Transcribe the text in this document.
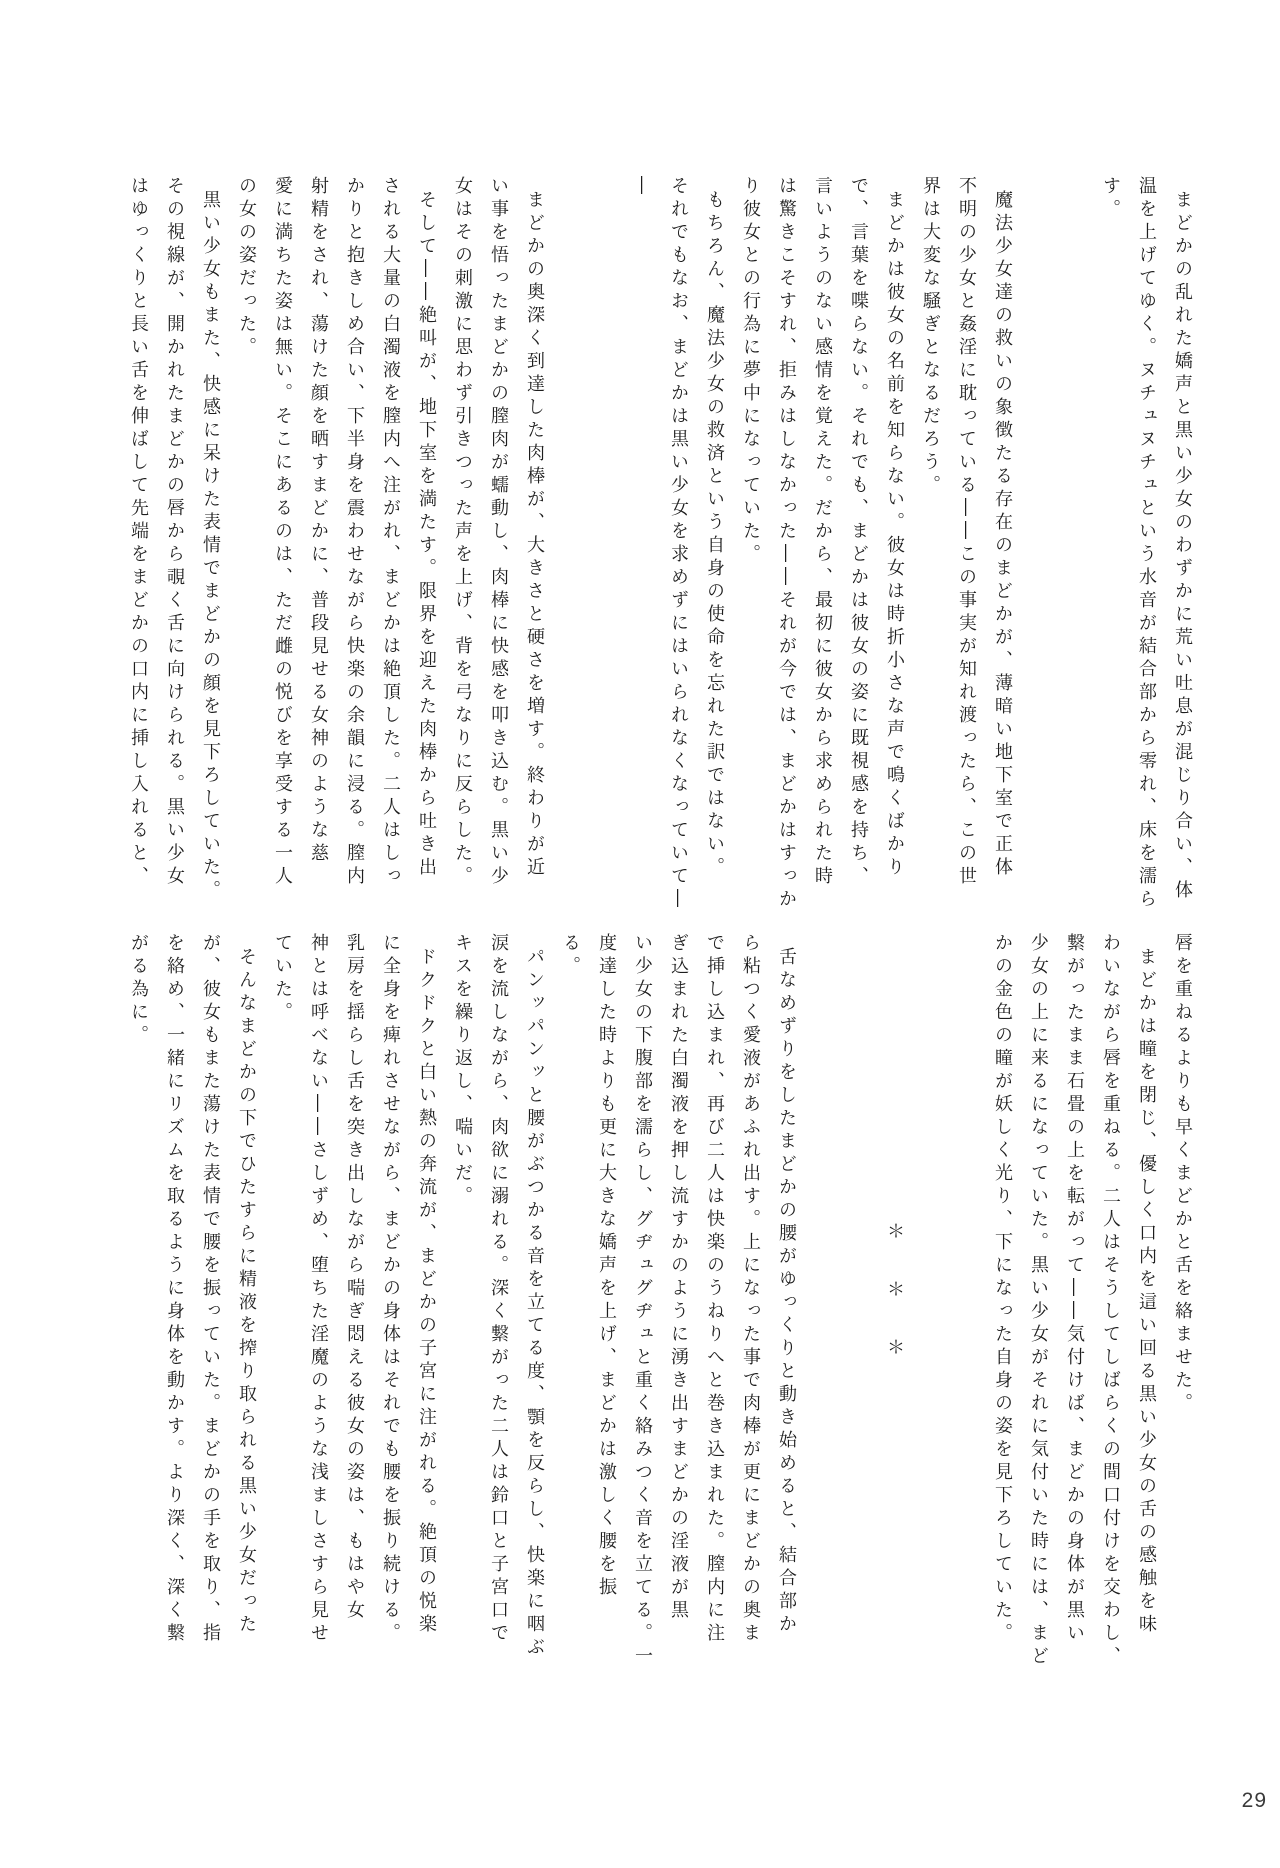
まどかの乱れた嬌声と黒い少女のわずかに荒い吐息が混じり合い、体

温を上げてゆく。ヌチュヌチュという水音が結合部から零れ、床を濡ら

す。

魔法少女達の救いの象徴たる存在のまどかが、薄暗い地下室で正体

不明の少女と姦淫に耽っている——この事実が知れ渡ったら、この世

界は大変な騒ぎとなるだろう。

まどかは彼女の名前を知らない。彼女は時折小さな声で鳴くばかり

で、言葉を喋らない。それでも、まどかは彼女の姿に既視感を持ち、

言いようのない感情を覚えた。だから、最初に彼女から求められた時

は驚きこそすれ、拒みはしなかった——それが今では、まどかはすっか

り彼女との行為に夢中になっていた。

もちろん、魔法少女の救済という自身の使命を忘れた訳ではない。

それでもなお、まどかは黒い少女を求めずにはいられなくなっていて—

—

まどかの奥深く到達した肉棒が、大きさと硬さを増す。終わりが近

い事を悟ったまどかの膣肉が蠕動し、肉棒に快感を叩き込む。黒い少

女はその刺激に思わず引きつった声を上げ、背を弓なりに反らした。

そして——絶叫が、地下室を満たす。限界を迎えた肉棒から吐き出

される大量の白濁液を膣内へ注がれ、まどかは絶頂した。二人はしっ

かりと抱きしめ合い、下半身を震わせながら快楽の余韻に浸る。膣内

射精をされ、蕩けた顔を晒すまどかに、普段見せる女神のような慈

愛に満ちた姿は無い。そこにあるのは、ただ雌の悦びを享受する一人

の女の姿だった。

黒い少女もまた、快感に呆けた表情でまどかの顔を見下ろしていた。

その視線が、開かれたまどかの唇から覗く舌に向けられる。黒い少女

はゆっくりと長い舌を伸ばして先端をまどかの口内に挿し入れると、

唇を重ねるよりも早くまどかと舌を絡ませた。

まどかは瞳を閉じ、優しく口内を這い回る黒い少女の舌の感触を味

わいながら唇を重ねる。二人はそうしてしばらくの間口付けを交わし、

繋がったまま石畳の上を転がって——気付けば、まどかの身体が黒い

少女の上に来るになっていた。黒い少女がそれに気付いた時には、まど

かの金色の瞳が妖しく光り、下になった自身の姿を見下ろしていた。

＊＊＊

舌なめずりをしたまどかの腰がゆっくりと動き始めると、結合部か

ら粘つく愛液があふれ出す。上になった事で肉棒が更にまどかの奥ま

で挿し込まれ、再び二人は快楽のうねりへと巻き込まれた。膣内に注

ぎ込まれた白濁液を押し流すかのように湧き出すまどかの淫液が黒

い少女の下腹部を濡らし、グヂュグヂュと重く絡みつく音を立てる。一

度達した時よりも更に大きな嬌声を上げ、まどかは激しく腰を振

る。

パンッパンッと腰がぶつかる音を立てる度、顎を反らし、快楽に咽ぶ

涙を流しながら、肉欲に溺れる。深く繋がった二人は鈴口と子宮口で

キスを繰り返し、喘いだ。

ドクドクと白い熱の奔流が、まどかの子宮に注がれる。絶頂の悦楽

に全身を痺れさせながら、まどかの身体はそれでも腰を振り続ける。

乳房を揺らし舌を突き出しながら喘ぎ悶える彼女の姿は、もはや女

神とは呼べない——さしずめ、堕ちた淫魔のような浅ましさすら見せ

ていた。

そんなまどかの下でひたすらに精液を搾り取られる黒い少女だった

が、彼女もまた蕩けた表情で腰を振っていた。まどかの手を取り、指

を絡め、一緒にリズムを取るように身体を動かす。より深く、深く繋

がる為に。

29
